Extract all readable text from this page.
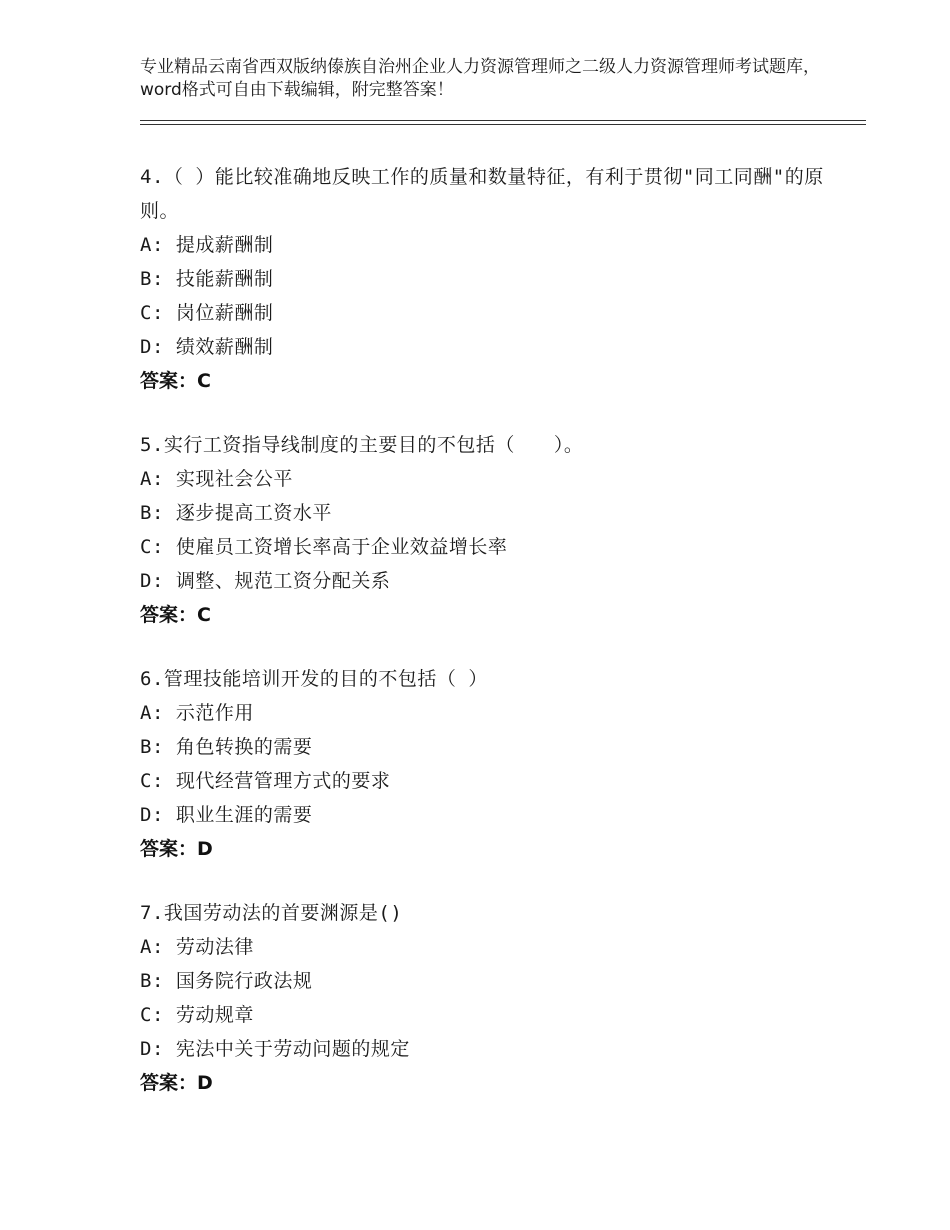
专业精品云南省西双版纳傣族自治州企业人力资源管理师之二级人力资源管理师考试题库，word格式可自由下载编辑，附完整答案！
4.（ ）能比较准确地反映工作的质量和数量特征，有利于贯彻"同工同酬"的原则。
A: 提成薪酬制
B: 技能薪酬制
C: 岗位薪酬制
D: 绩效薪酬制
答案：C
5.实行工资指导线制度的主要目的不包括（　　）。
A: 实现社会公平
B: 逐步提高工资水平
C: 使雇员工资增长率高于企业效益增长率
D: 调整、规范工资分配关系
答案：C
6.管理技能培训开发的目的不包括（ ）
A: 示范作用
B: 角色转换的需要
C: 现代经营管理方式的要求
D: 职业生涯的需要
答案：D
7.我国劳动法的首要渊源是()
A: 劳动法律
B: 国务院行政法规
C: 劳动规章
D: 宪法中关于劳动问题的规定
答案：D
